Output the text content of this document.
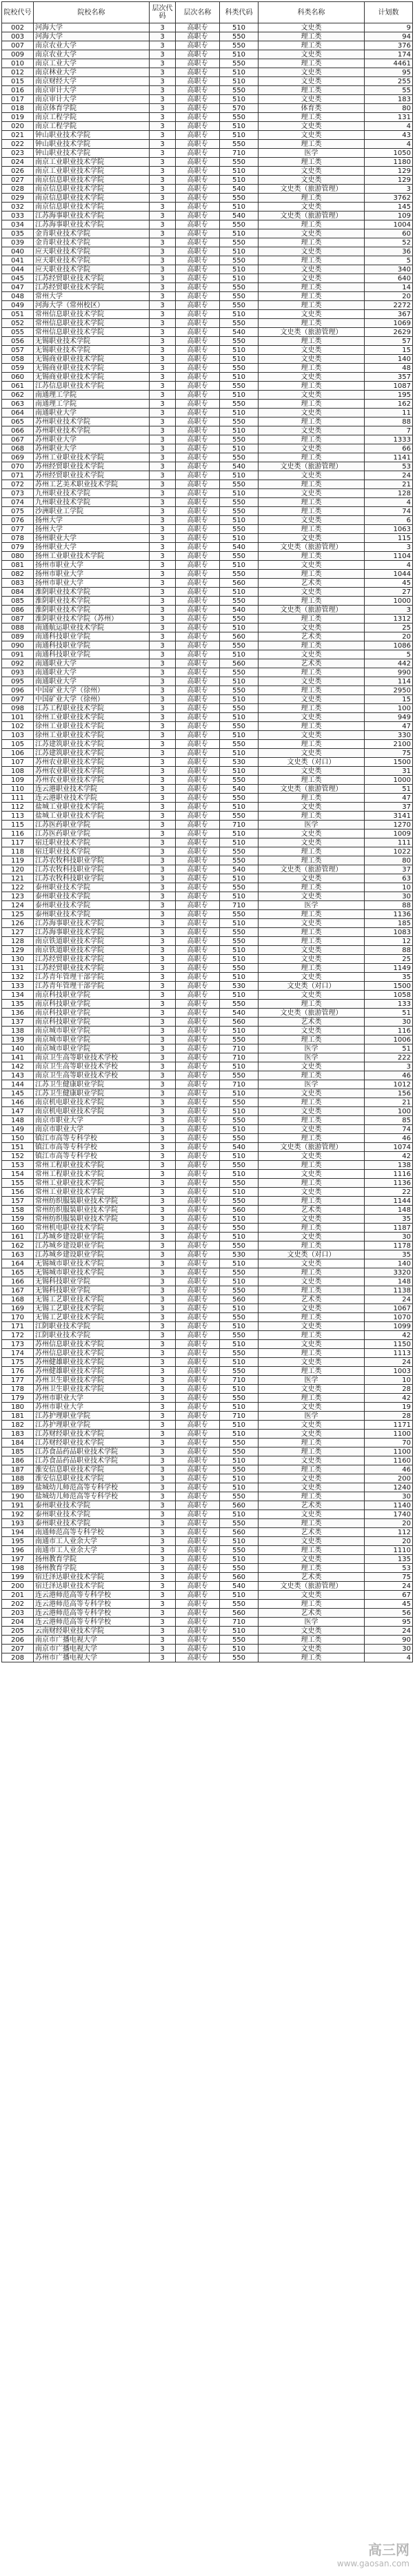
院校代号	院校名称	层次代码	层次名称	科类代码	科类名称	计划数
002	河海大学	3	高职专	510	文史类	9
003	河海大学	3	高职专	550	理工类	94
007	南京农业大学	3	高职专	550	理工类	376
009	南京农业大学	3	高职专	510	文史类	174
010	南京工业大学	3	高职专	550	理工类	4461
012	南京林业大学	3	高职专	510	文史类	95
015	南京财经大学	3	高职专	510	文史类	255
016	南京审计大学	3	高职专	550	理工类	55
017	南京审计大学	3	高职专	510	文史类	183
018	南京体育学院	3	高职专	570	体育类	80
019	南京工程学院	3	高职专	550	理工类	131
020	南京工程学院	3	高职专	510	文史类	4
021	钟山职业技术学院	3	高职专	510	文史类	43
022	钟山职业技术学院	3	高职专	550	理工类	4
023	钟山职业技术学院	3	高职专	710	医学	1050
024	南京工业职业技术学院	3	高职专	550	理工类	1180
026	南京工业职业技术学院	3	高职专	510	文史类	129
027	南京信息职业技术学院	3	高职专	510	文史类	129
028	南京信息职业技术学院	3	高职专	540	文史类（旅游管理）	3
029	南京信息职业技术学院	3	高职专	550	理工类	3762
032	南京信息职业技术学院	3	高职专	510	文史类	145
033	江苏海事职业技术学院	3	高职专	540	文史类（旅游管理）	109
034	江苏海事职业技术学院	3	高职专	550	理工类	1004
035	金肯职业技术学院	3	高职专	510	文史类	60
039	金肯职业技术学院	3	高职专	550	理工类	52
040	应天职业技术学院	3	高职专	510	文史类	36
041	应天职业技术学院	3	高职专	550	理工类	5
044	应天职业技术学院	3	高职专	510	文史类	340
045	江苏经贸职业技术学院	3	高职专	510	文史类	640
047	江苏经贸职业技术学院	3	高职专	550	理工类	14
048	常州大学	3	高职专	550	理工类	20
049	河海大学（常州校区）	3	高职专	550	理工类	2272
051	常州信息职业技术学院	3	高职专	510	文史类	367
052	常州信息职业技术学院	3	高职专	550	理工类	1069
055	常州信息职业技术学院	3	高职专	540	文史类（旅游管理）	2629
056	无锡职业技术学院	3	高职专	550	理工类	57
057	无锡职业技术学院	3	高职专	510	文史类	15
058	无锡商业职业技术学院	3	高职专	510	文史类	140
059	无锡商业职业技术学院	3	高职专	550	理工类	48
060	无锡商业职业技术学院	3	高职专	510	文史类	357
061	江苏信息职业技术学院	3	高职专	550	理工类	1087
062	南通理工学院	3	高职专	510	文史类	195
063	南通理工学院	3	高职专	550	理工类	162
064	南通职业大学	3	高职专	510	文史类	11
065	苏州职业技术学院	3	高职专	550	理工类	88
066	苏州职业技术学院	3	高职专	510	文史类	7
067	苏州职业大学	3	高职专	550	理工类	1333
068	苏州职业大学	3	高职专	510	文史类	66
069	苏州工业职业技术学院	3	高职专	550	理工类	1141
070	苏州经贸职业技术学院	3	高职专	540	文史类（旅游管理）	53
071	苏州经贸职业技术学院	3	高职专	510	文史类	24
072	苏州工艺美术职业技术学院	3	高职专	550	理工类	21
073	九州职业技术学院	3	高职专	510	文史类	128
074	九州职业技术学院	3	高职专	550	理工类	4
075	沙洲职业工学院	3	高职专	550	理工类	74
076	扬州大学	3	高职专	510	文史类	6
077	扬州大学	3	高职专	550	理工类	1063
078	扬州职业大学	3	高职专	510	文史类	115
079	扬州职业大学	3	高职专	540	文史类（旅游管理）	3
080	扬州工业职业技术学院	3	高职专	550	理工类	1104
081	扬州市职业大学	3	高职专	510	文史类	4
082	扬州市职业大学	3	高职专	550	理工类	1044
083	扬州市职业大学	3	高职专	560	艺术类	45
084	淮阴职业技术学院	3	高职专	510	文史类	27
085	淮阴职业技术学院	3	高职专	550	理工类	1000
086	淮阴职业技术学院	3	高职专	540	文史类（旅游管理）	3
087	淮阴职业技术学院（苏州）	3	高职专	550	理工类	1312
088	南通航运职业技术学院	3	高职专	510	文史类	25
089	南通科技职业学院	3	高职专	560	艺术类	20
090	南通科技职业学院	3	高职专	550	理工类	1086
091	南通科技职业学院	3	高职专	510	文史类	5
092	南通职业大学	3	高职专	560	艺术类	442
093	南通职业大学	3	高职专	550	理工类	990
095	南通职业大学	3	高职专	510	文史类	114
096	中国矿业大学（徐州）	3	高职专	550	理工类	2950
097	中国矿业大学（徐州）	3	高职专	510	文史类	15
098	江苏工程职业技术学院	3	高职专	550	理工类	100
101	徐州工业职业技术学院	3	高职专	510	文史类	949
102	徐州工业职业技术学院	3	高职专	550	理工类	47
103	徐州工业职业技术学院	3	高职专	510	文史类	330
105	江苏建筑职业技术学院	3	高职专	550	理工类	2100
106	江苏建筑职业技术学院	3	高职专	510	文史类	75
107	苏州农业职业技术学院	3	高职专	530	文史类（对口）	1500
108	苏州农业职业技术学院	3	高职专	510	文史类	31
109	苏州农业职业技术学院	3	高职专	550	理工类	1000
110	连云港职业技术学院	3	高职专	540	文史类（旅游管理）	51
111	连云港职业技术学院	3	高职专	550	理工类	47
112	盐城工业职业技术学院	3	高职专	510	文史类	37
113	盐城工业职业技术学院	3	高职专	550	理工类	3141
115	江苏医药职业学院	3	高职专	710	医学	1270
116	江苏医药职业学院	3	高职专	510	文史类	1009
117	宿迁职业技术学院	3	高职专	510	文史类	111
118	宿迁职业技术学院	3	高职专	550	理工类	1022
119	江苏农牧科技职业学院	3	高职专	550	理工类	80
120	江苏农牧科技职业学院	3	高职专	540	文史类（旅游管理）	37
121	江苏农牧科技职业学院	3	高职专	510	文史类	63
122	泰州职业技术学院	3	高职专	550	理工类	10
123	泰州职业技术学院	3	高职专	510	文史类	30
124	泰州职业技术学院	3	高职专	710	医学	88
125	泰州职业技术学院	3	高职专	550	理工类	1136
126	江苏海事职业技术学院	3	高职专	510	文史类	185
127	江苏海事职业技术学院	3	高职专	550	理工类	1083
128	南京铁道职业技术学院	3	高职专	550	理工类	12
129	南京铁道职业技术学院	3	高职专	510	文史类	88
130	江苏经贸职业技术学院	3	高职专	510	文史类	25
131	江苏经贸职业技术学院	3	高职专	550	理工类	1149
132	江苏青年管理干部学院	3	高职专	510	文史类	35
133	江苏青年管理干部学院	3	高职专	530	文史类（对口）	1500
134	南京科技职业学院	3	高职专	510	文史类	1058
135	南京科技职业学院	3	高职专	550	理工类	133
136	南京科技职业学院	3	高职专	540	文史类（旅游管理）	51
137	南京科技职业学院	3	高职专	560	艺术类	30
138	南京城市职业学院	3	高职专	510	文史类	116
139	南京城市职业学院	3	高职专	550	理工类	1006
140	南京城市职业学院	3	高职专	710	医学	51
141	南京卫生高等职业技术学校	3	高职专	710	医学	222
142	南京卫生高等职业技术学校	3	高职专	510	文史类	3
143	南京卫生高等职业技术学校	3	高职专	550	理工类	46
144	江苏卫生健康职业学院	3	高职专	710	医学	1012
145	江苏卫生健康职业学院	3	高职专	510	文史类	156
146	南京机电职业技术学院	3	高职专	550	理工类	21
147	南京机电职业技术学院	3	高职专	510	文史类	100
148	南京市职业大学	3	高职专	550	理工类	85
149	南京市职业大学	3	高职专	510	文史类	74
150	镇江市高等专科学校	3	高职专	550	理工类	46
151	镇江市高等专科学校	3	高职专	540	文史类（旅游管理）	1074
152	镇江市高等专科学校	3	高职专	510	文史类	42
153	常州工程职业技术学院	3	高职专	550	理工类	138
154	常州工程职业技术学院	3	高职专	510	文史类	1116
155	常州工业职业技术学院	3	高职专	550	理工类	1136
156	常州工业职业技术学院	3	高职专	510	文史类	22
157	常州纺织服装职业技术学院	3	高职专	550	理工类	1144
158	常州纺织服装职业技术学院	3	高职专	560	艺术类	148
159	常州纺织服装职业技术学院	3	高职专	510	文史类	35
160	常州机电职业技术学院	3	高职专	550	理工类	1187
161	江苏城乡建设职业学院	3	高职专	510	文史类	30
162	江苏城乡建设职业学院	3	高职专	550	理工类	1178
163	江苏城乡建设职业学院	3	高职专	530	文史类（对口）	35
164	无锡城市职业技术学院	3	高职专	510	文史类	140
165	无锡城市职业技术学院	3	高职专	550	理工类	3320
166	无锡科技职业学院	3	高职专	510	文史类	148
167	无锡科技职业学院	3	高职专	550	理工类	1138
168	无锡工艺职业技术学院	3	高职专	560	艺术类	24
169	无锡工艺职业技术学院	3	高职专	510	文史类	1067
170	无锡工艺职业技术学院	3	高职专	550	理工类	1070
171	江阴职业技术学院	3	高职专	510	文史类	1099
172	江阴职业技术学院	3	高职专	550	理工类	42
173	苏州信息职业技术学院	3	高职专	510	文史类	1150
174	苏州信息职业技术学院	3	高职专	550	理工类	1113
175	苏州健雄职业技术学院	3	高职专	510	文史类	24
176	苏州健雄职业技术学院	3	高职专	550	理工类	1003
177	苏州卫生职业技术学院	3	高职专	710	医学	10
178	苏州卫生职业技术学院	3	高职专	510	文史类	28
179	苏州市职业大学	3	高职专	550	理工类	42
180	苏州市职业大学	3	高职专	510	文史类	19
181	江苏护理职业学院	3	高职专	710	医学	28
182	江苏护理职业学院	3	高职专	510	文史类	1171
183	江苏财经职业技术学院	3	高职专	510	文史类	1100
184	江苏财经职业技术学院	3	高职专	550	理工类	70
185	江苏食品药品职业技术学院	3	高职专	550	理工类	1100
186	江苏食品药品职业技术学院	3	高职专	510	文史类	1160
187	淮安信息职业技术学院	3	高职专	550	理工类	46
188	淮安信息职业技术学院	3	高职专	510	文史类	200
189	盐城幼儿师范高等专科学校	3	高职专	510	文史类	1240
190	盐城幼儿师范高等专科学校	3	高职专	550	理工类	30
191	泰州职业技术学院	3	高职专	560	艺术类	1140
192	泰州职业技术学院	3	高职专	510	文史类	1740
193	泰州职业技术学院	3	高职专	550	理工类	20
194	南通师范高等专科学校	3	高职专	560	艺术类	112
195	南通市工人业余大学	3	高职专	510	文史类	20
196	南通市工人业余大学	3	高职专	550	理工类	1110
197	扬州教育学院	3	高职专	510	文史类	135
198	扬州教育学院	3	高职专	550	理工类	53
199	宿迁泽达职业技术学院	3	高职专	560	艺术类	75
200	宿迁泽达职业技术学院	3	高职专	540	文史类（旅游管理）	24
201	连云港师范高等专科学校	3	高职专	510	文史类	67
202	连云港师范高等专科学校	3	高职专	550	理工类	45
203	连云港师范高等专科学校	3	高职专	560	艺术类	56
204	连云港师范高等专科学校	3	高职专	710	医学	95
205	云南财经职业技术学院	3	高职专	510	文史类	24
206	南京市广播电视大学	3	高职专	550	理工类	90
207	南京市广播电视大学	3	高职专	510	文史类	30
208	苏州市广播电视大学	3	高职专	550	理工类	4
高三网
www.gaosan.com
